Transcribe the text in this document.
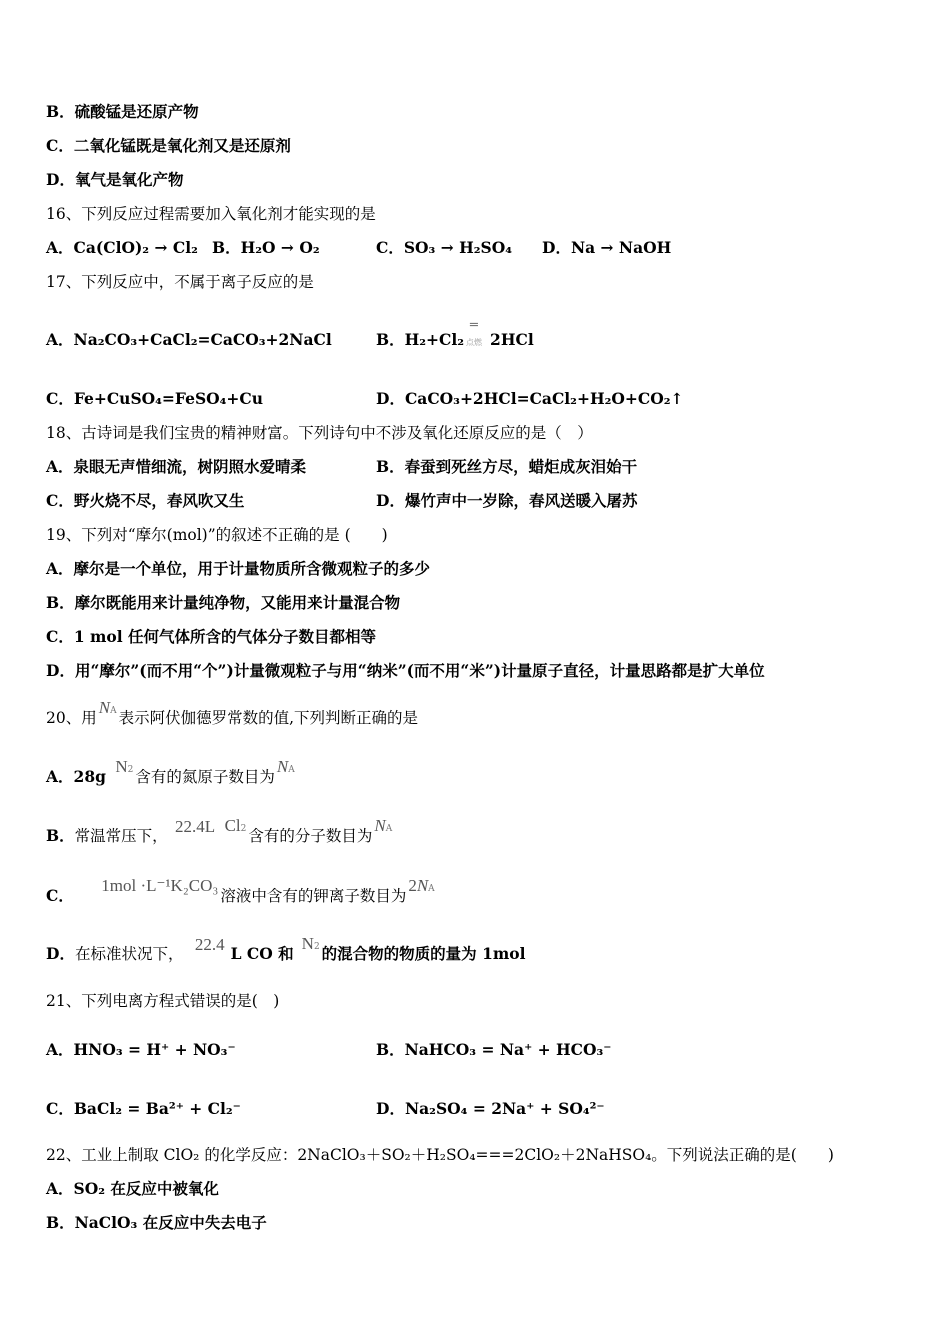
B．硫酸锰是还原产物
C．二氧化锰既是氧化剂又是还原剂
D．氧气是氧化产物
16、下列反应过程需要加入氧化剂才能实现的是
A．Ca(ClO)₂ → Cl₂ B．H₂O → O₂	C．SO₃ → H₂SO₄ D．Na → NaOH
17、下列反应中，不属于离子反应的是
A．Na₂CO₃+CaCl₂=CaCO₃+2NaCl	B．H₂+Cl₂
═
点燃 2HCl
C．Fe+CuSO₄=FeSO₄+Cu	D．CaCO₃+2HCl=CaCl₂+H₂O+CO₂↑
18、古诗词是我们宝贵的精神财富。下列诗句中不涉及氧化还原反应的是（　）
A．泉眼无声惜细流，树阴照水爱晴柔	B．春蚕到死丝方尽，蜡炬成灰泪始干
C．野火烧不尽，春风吹又生	D．爆竹声中一岁除，春风送暖入屠苏
19、下列对“摩尔(mol)”的叙述不正确的是 (　　)
A．摩尔是一个单位，用于计量物质所含微观粒子的多少
B．摩尔既能用来计量纯净物，又能用来计量混合物
C．1 mol 任何气体所含的气体分子数目都相等
D．用“摩尔”(而不用“个”)计量微观粒子与用“纳米”(而不用“米”)计量原子直径，计量思路都是扩大单位
20、用NA 表示阿伏伽德罗常数的值,下列判断正确的是
A．28g N2 含有的氮原子数目为NA
B．常温常压下， 22.4L Cl2 含有的分子数目为NA
C． 1mol ·L⁻¹K₂CO₃溶液中含有的钾离子数目为2NA
D．在标准状况下， 22.4 L CO 和N2 的混合物的物质的量为 1mol
21、下列电离方程式错误的是(　)
A．HNO₃ = H⁺ + NO₃⁻	B．NaHCO₃ = Na⁺ + HCO₃⁻
C．BaCl₂ = Ba²⁺ + Cl₂⁻	D．Na₂SO₄ = 2Na⁺ + SO₄²⁻
22、工业上制取 ClO₂ 的化学反应：2NaClO₃＋SO₂＋H₂SO₄===2ClO₂＋2NaHSO₄。下列说法正确的是(　　)
A．SO₂ 在反应中被氧化
B．NaClO₃ 在反应中失去电子
